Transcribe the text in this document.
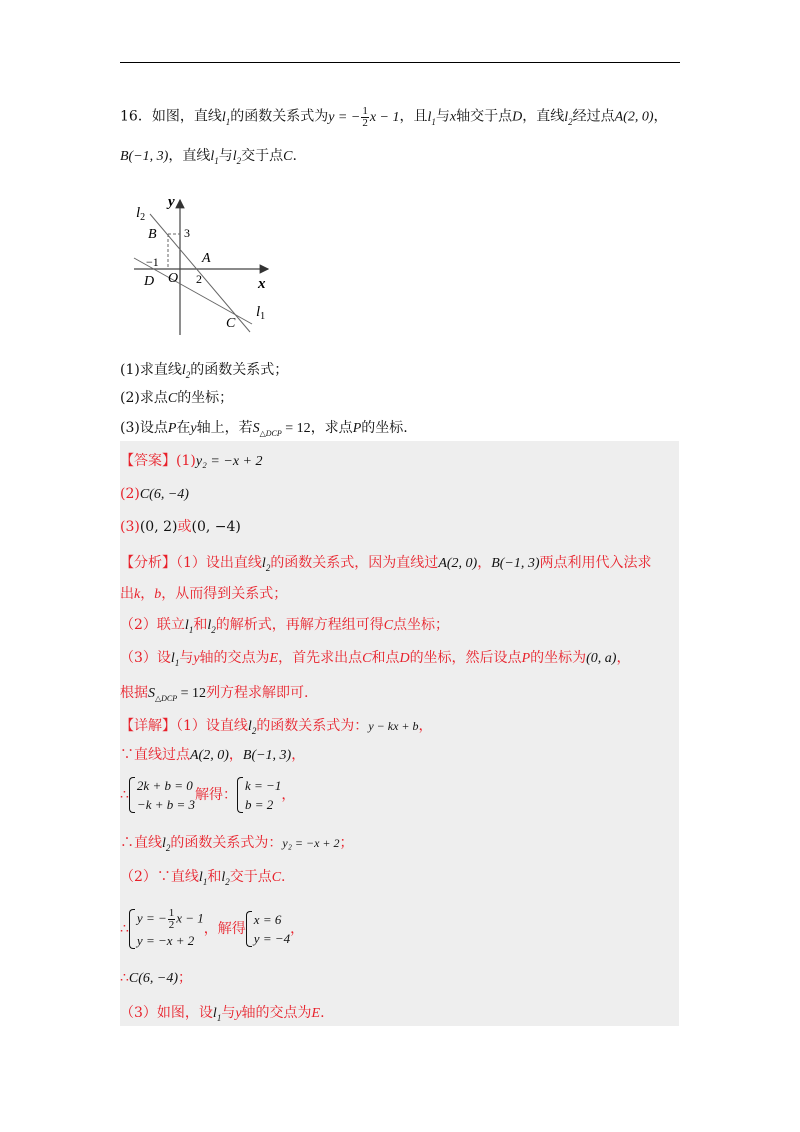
16．如图，直线$l_1$的函数关系式为y = − $\frac{1}{2}$ x − 1，且$l_1$与x轴交于点D，直线$l_2$经过点A(2, 0)，
B(−1, 3)，直线$l_1$与$l_2$交于点C.
$l_2$
y
B 3
A
−1
O 2	x
D
C
$l_1$
(1)求直线$l_2$的函数关系式；
(2)求点C的坐标；
(3)设点P在y轴上，若$S_{\triangle DCP} = 12$，求点P的坐标.
【答案】(1)y₂ = −x + 2
(2)C(6, −4)
(3)(0, 2)或(0, −4)
【分析】（1）设出直线$l_2$的函数关系式，因为直线过A(2, 0)，B(−1, 3)两点利用代入法求
出k，b，从而得到关系式；
（2）联立$l_1$和$l_2$的解析式，再解方程组可得C点坐标；
（3）设$l_1$与y轴的交点为E，首先求出点C和点D的坐标，然后设点P的坐标为(0, a)，
根据$S_{\triangle DCP} = 12$列方程求解即可.
【详解】（1）设直线$l_2$的函数关系式为：y − kx + b，
∵直线过点A(2, 0)，B(−1, 3)，
∴
2k + b = 0
−k + b = 3
解得：
k = −1
b = 2
，
∴直线$l_2$的函数关系式为：y₂ = −x + 2；
（2）∵直线$l_1$和$l_2$交于点C.
∴
y = − $\frac{1}{2}$ x − 1
y = −x + 2
，解得
x = 6
y = −4
，
∴C(6, −4)；
（3）如图，设$l_1$与y轴的交点为E.
